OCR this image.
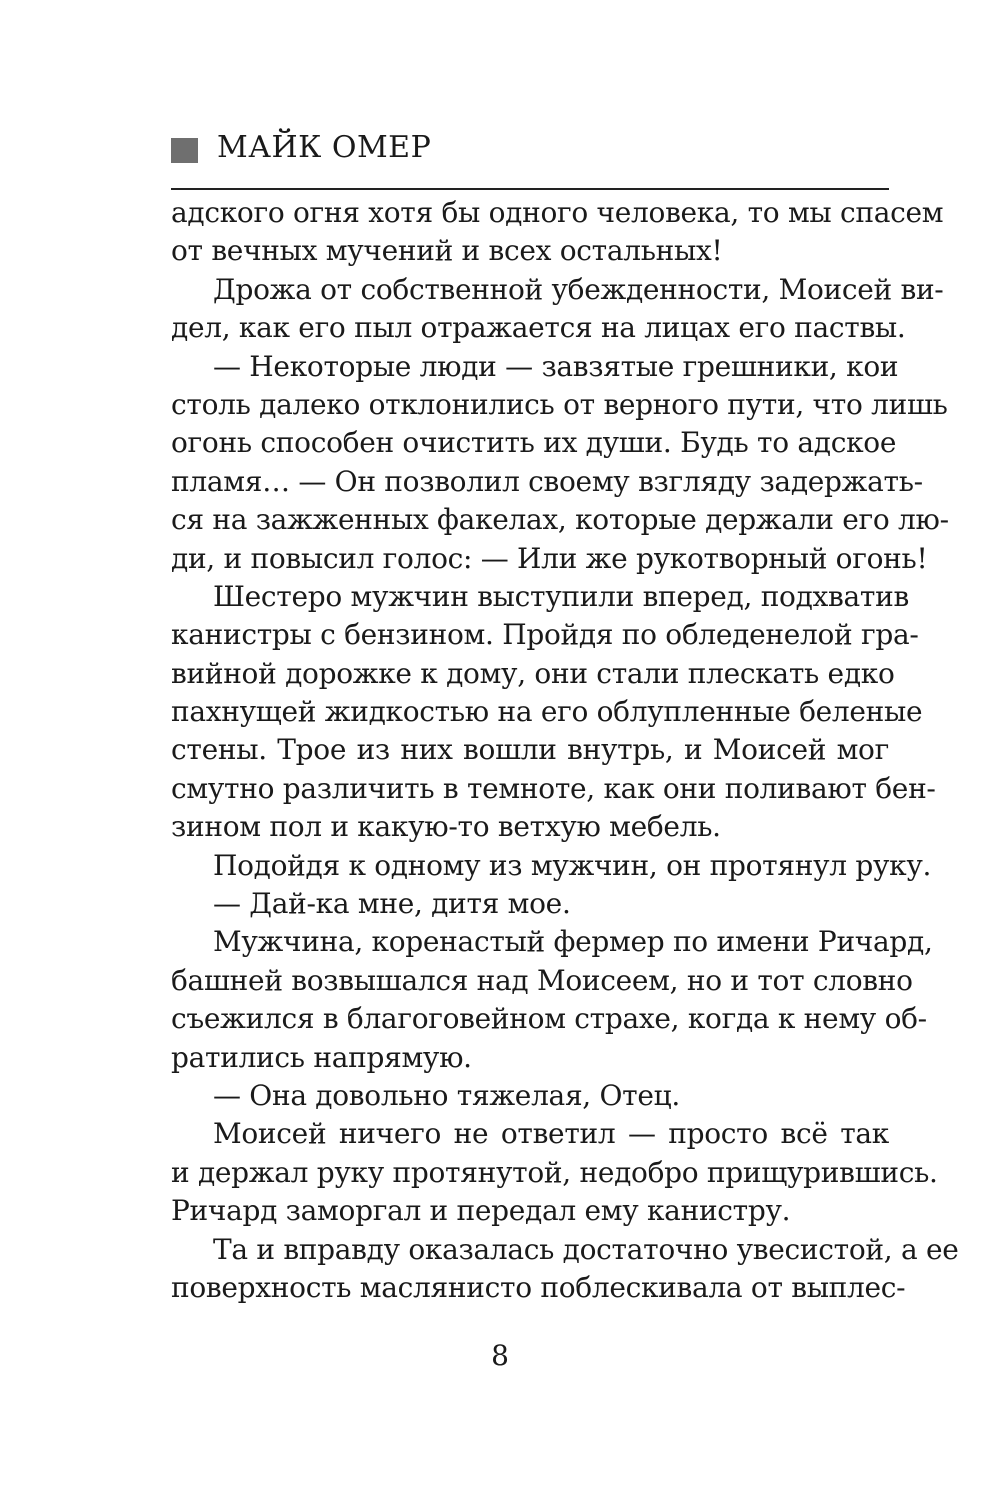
МАЙК ОМЕР
адского огня хотя бы одного человека, то мы спасем
от вечных мучений и всех остальных!
Дрожа от собственной убежденности, Моисей ви-
дел, как его пыл отражается на лицах его паствы.
— Некоторые люди — завзятые грешники, кои
столь далеко отклонились от верного пути, что лишь
огонь способен очистить их души. Будь то адское
пламя… — Он позволил своему взгляду задержать-
ся на зажженных факелах, которые держали его лю-
ди, и повысил голос: — Или же рукотворный огонь!
Шестеро мужчин выступили вперед, подхватив
канистры с бензином. Пройдя по обледенелой гра-
вийной дорожке к дому, они стали плескать едко
пахнущей жидкостью на его облупленные беленые
стены. Трое из них вошли внутрь, и Моисей мог
смутно различить в темноте, как они поливают бен-
зином пол и какую-то ветхую мебель.
Подойдя к одному из мужчин, он протянул руку.
— Дай-ка мне, дитя мое.
Мужчина, коренастый фермер по имени Ричард,
башней возвышался над Моисеем, но и тот словно
съежился в благоговейном страхе, когда к нему об-
ратились напрямую.
— Она довольно тяжелая, Отец.
Моисей ничего не ответил — просто всё так
и держал руку протянутой, недобро прищурившись.
Ричард заморгал и передал ему канистру.
Та и вправду оказалась достаточно увесистой, а ее
поверхность маслянисто поблескивала от выплес-
8
